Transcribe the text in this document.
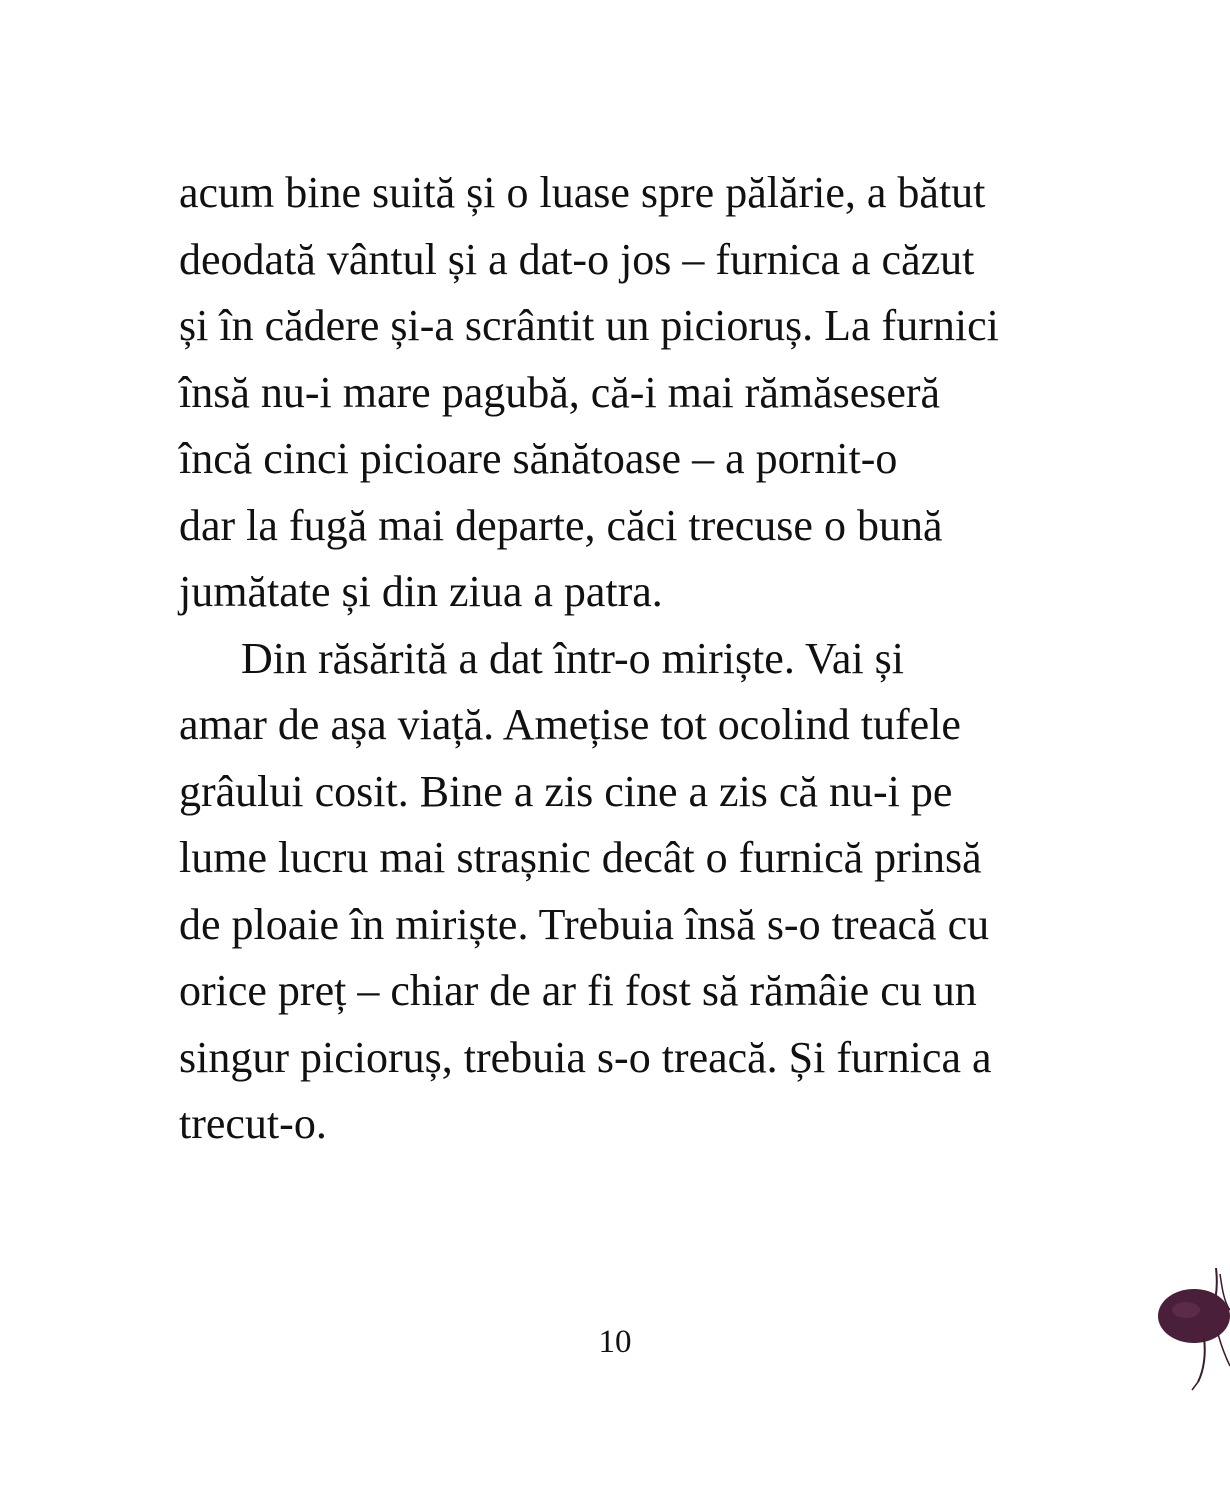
acum bine suită și o luase spre pălărie, a bătut
deodată vântul și a dat-o jos – furnica a căzut
și în cădere și-a scrântit un picioruș. La furnici
însă nu-i mare pagubă, că-i mai rămăseseră
încă cinci picioare sănătoase – a pornit-o
dar la fugă mai departe, căci trecuse o bună
jumătate și din ziua a patra.
Din răsărită a dat într-o miriște. Vai și
amar de așa viață. Amețise tot ocolind tufele
grâului cosit. Bine a zis cine a zis că nu-i pe
lume lucru mai strașnic decât o furnică prinsă
de ploaie în miriște. Trebuia însă s-o treacă cu
orice preț – chiar de ar fi fost să rămâie cu un
singur picioruș, trebuia s-o treacă. Și furnica a
trecut-o.
10
